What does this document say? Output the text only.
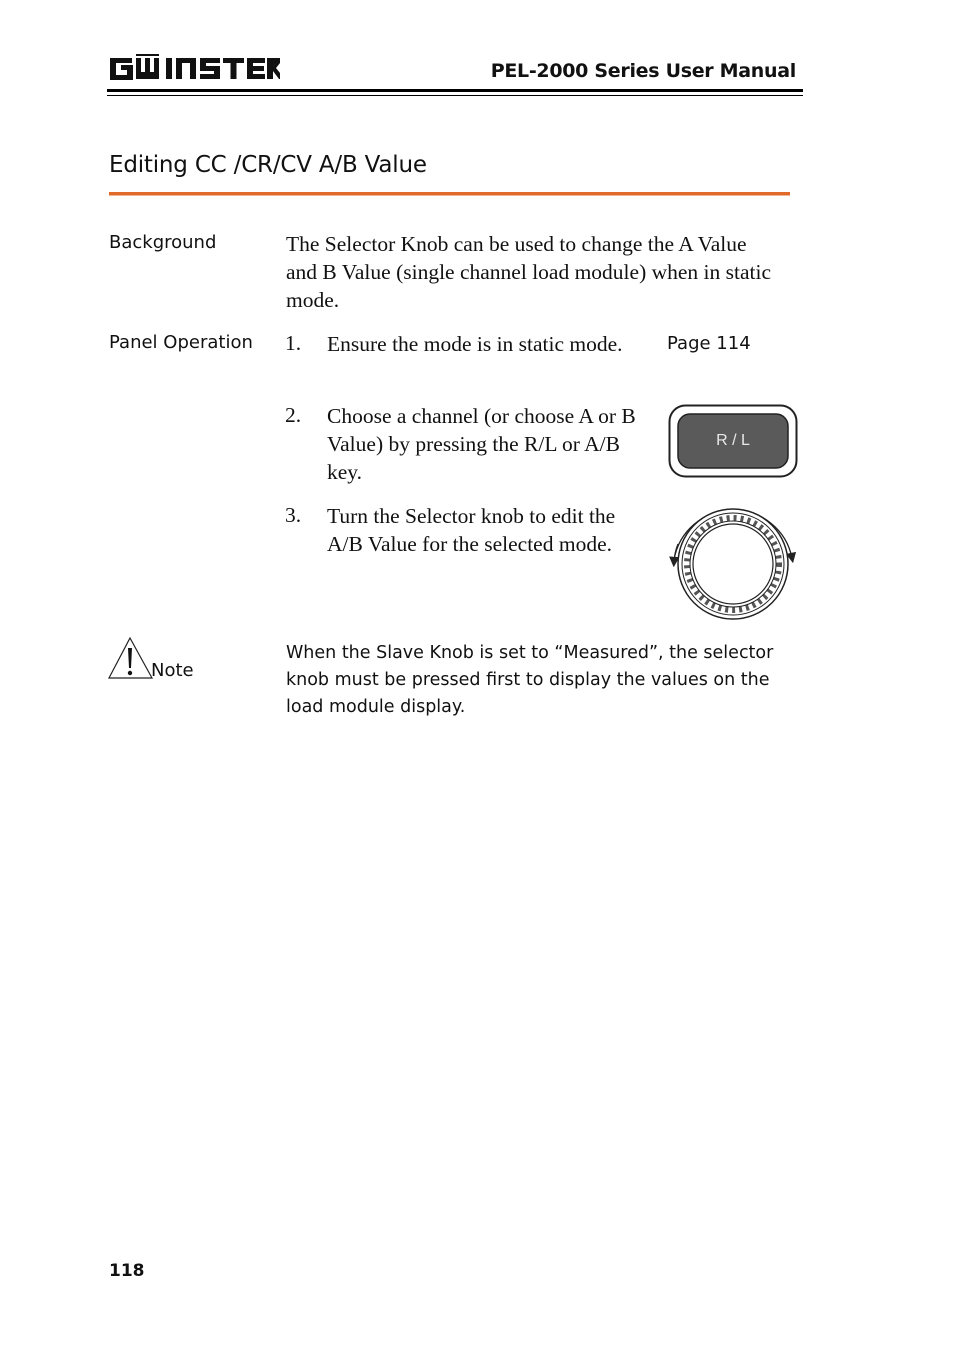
PEL-2000 Series User Manual
Editing CC /CR/CV A/B Value
Background	The Selector Knob can be used to change the A Value and B Value (single channel load module) when in static mode.
Panel Operation 1. Ensure the mode is in static mode. Page 114
2. Choose a channel (or choose A or B Value) by pressing the R/L or A/B key.
R / L
3. Turn the Selector knob to edit the A/B Value for the selected mode.
Note
When the Slave Knob is set to “Measured”, the selector knob must be pressed first to display the values on the load module display.
118
